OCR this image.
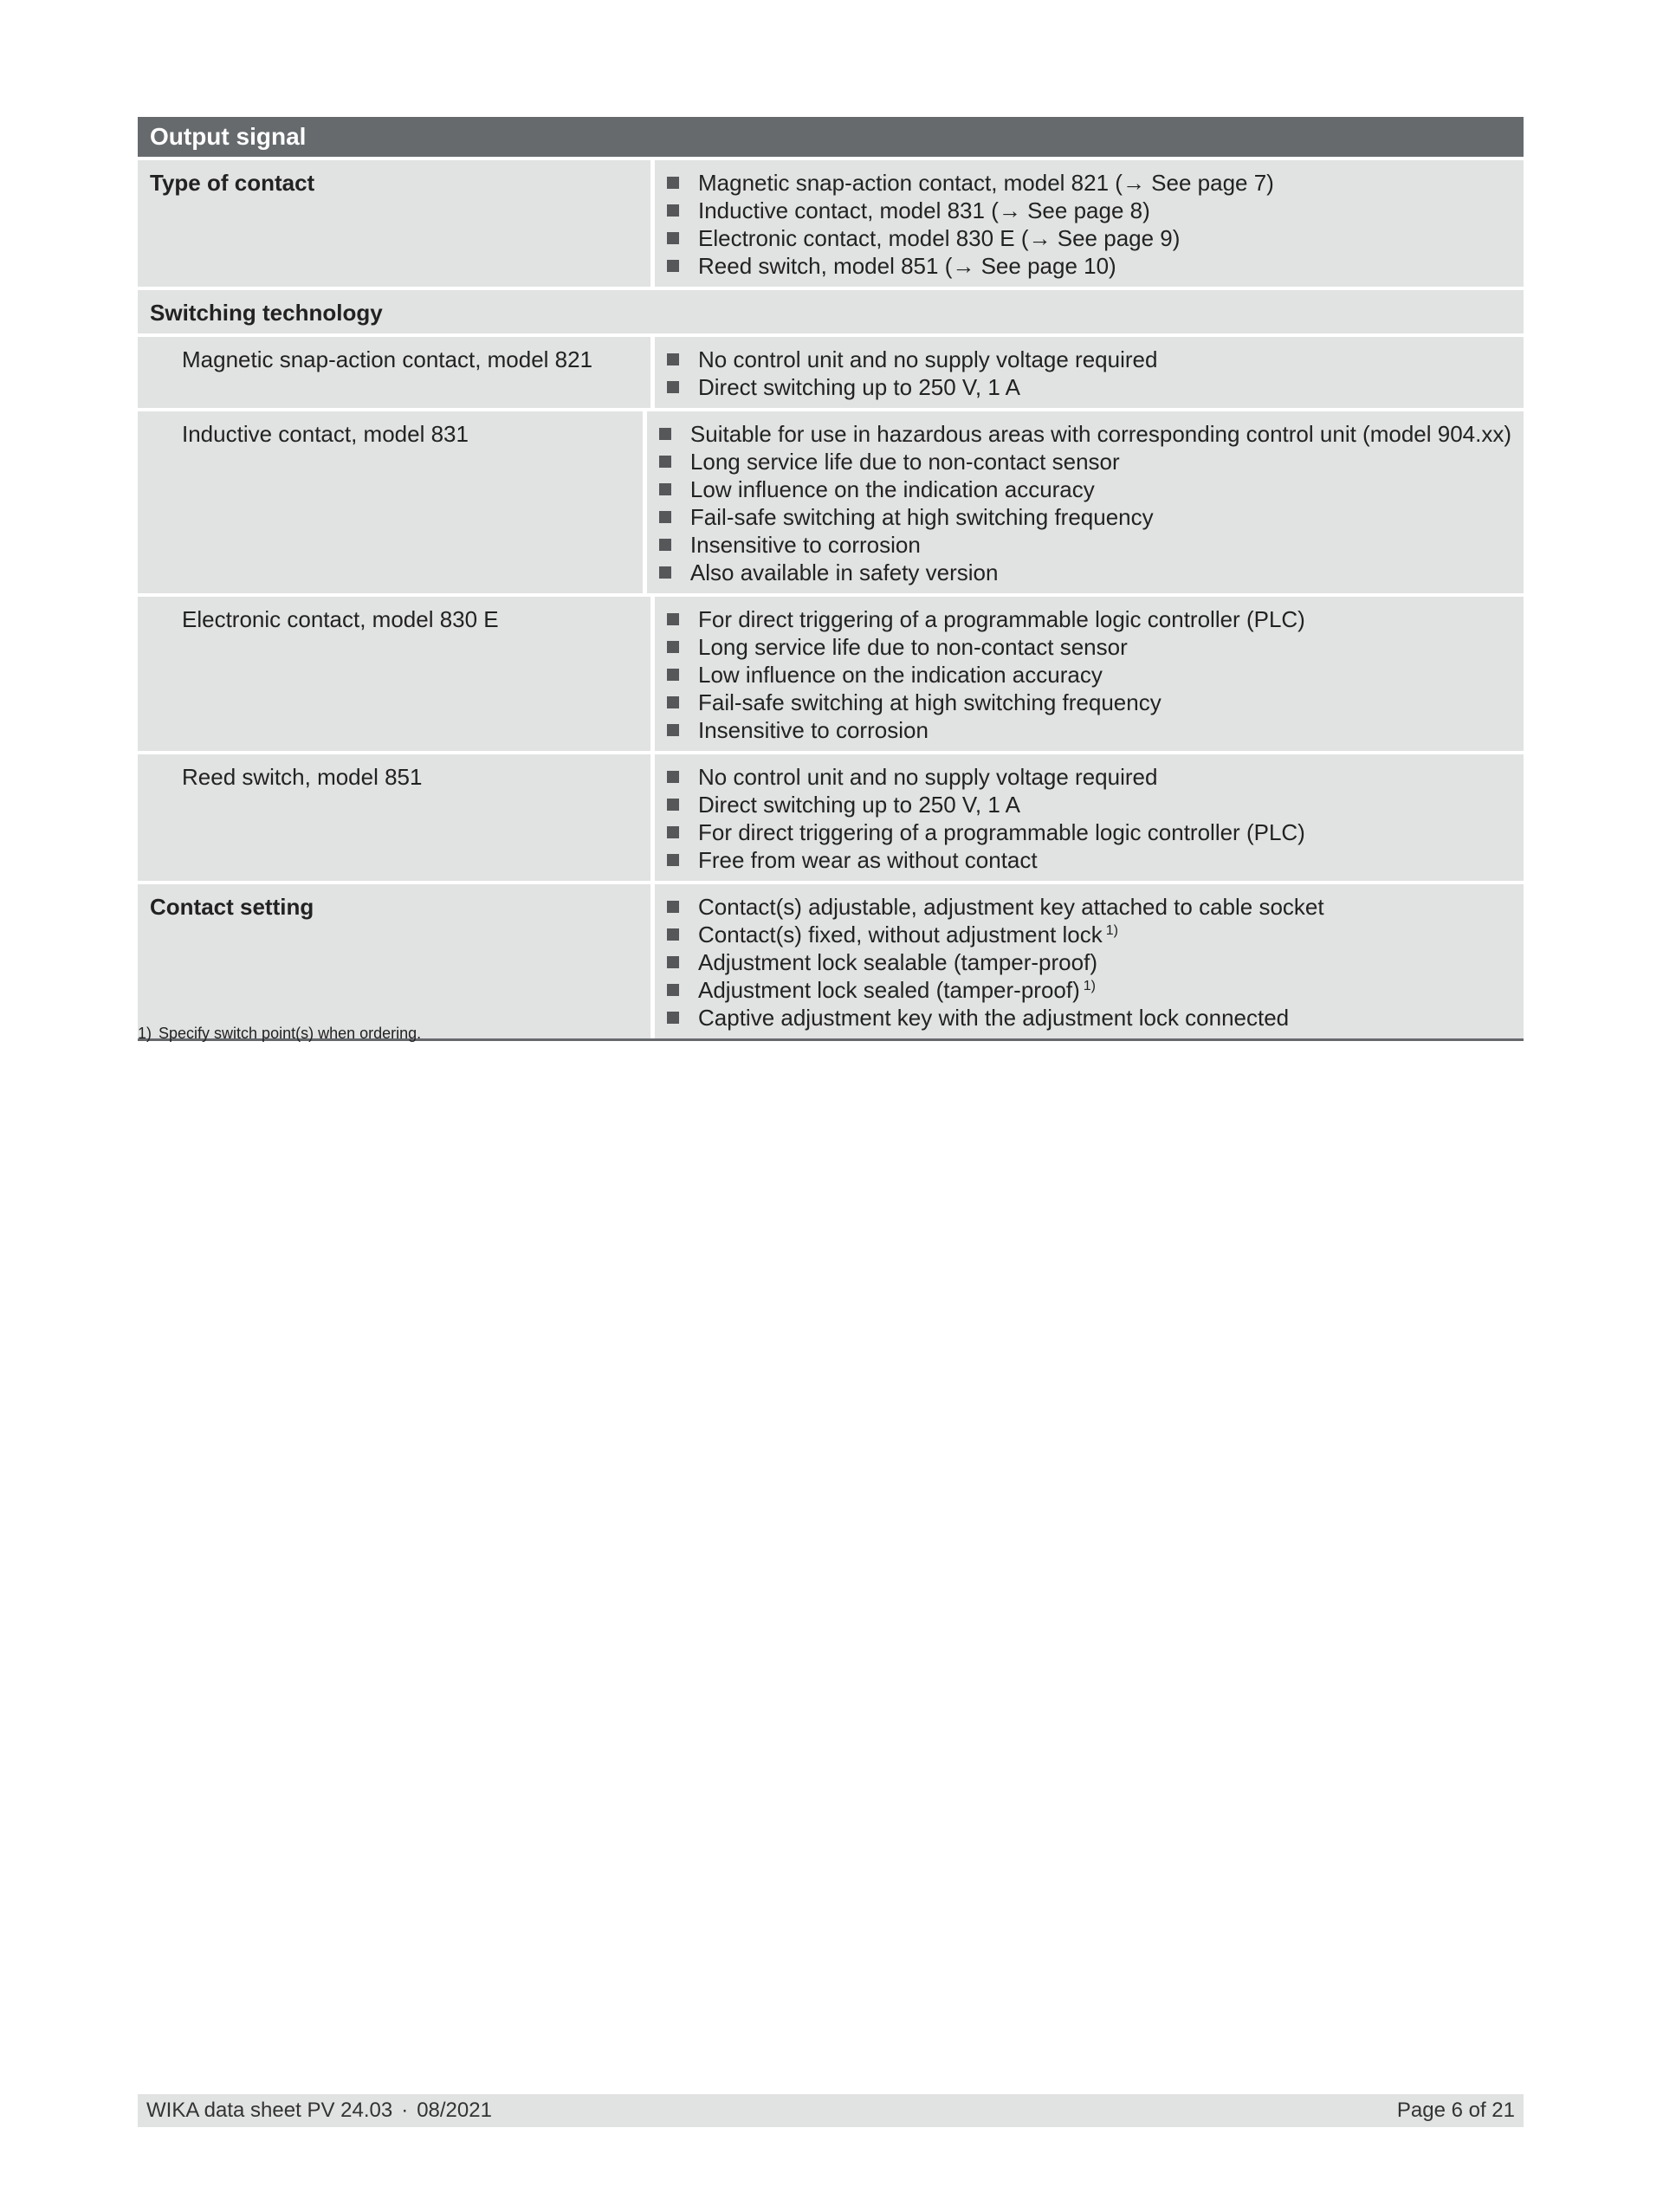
Output signal
Type of contact	Magnetic snap-action contact, model 821 (→ See page 7)
Inductive contact, model 831 (→ See page 8)
Electronic contact, model 830 E (→ See page 9)
Reed switch, model 851 (→ See page 10)
Switching technology
Magnetic snap-action contact, model 821	No control unit and no supply voltage required
Direct switching up to 250 V, 1 A
Inductive contact, model 831	Suitable for use in hazardous areas with corresponding control unit (model 904.xx)
Long service life due to non-contact sensor
Low influence on the indication accuracy
Fail-safe switching at high switching frequency
Insensitive to corrosion
Also available in safety version
Electronic contact, model 830 E	For direct triggering of a programmable logic controller (PLC)
Long service life due to non-contact sensor
Low influence on the indication accuracy
Fail-safe switching at high switching frequency
Insensitive to corrosion
Reed switch, model 851	No control unit and no supply voltage required
Direct switching up to 250 V, 1 A
For direct triggering of a programmable logic controller (PLC)
Free from wear as without contact
Contact setting	Contact(s) adjustable, adjustment key attached to cable socket
Contact(s) fixed, without adjustment lock $^{1)}$
Adjustment lock sealable (tamper-proof)
Adjustment lock sealed (tamper-proof) $^{1)}$
Captive adjustment key with the adjustment lock connected
1) Specify switch point(s) when ordering.
WIKA data sheet PV 24.03 · 08/2021	Page 6 of 21
